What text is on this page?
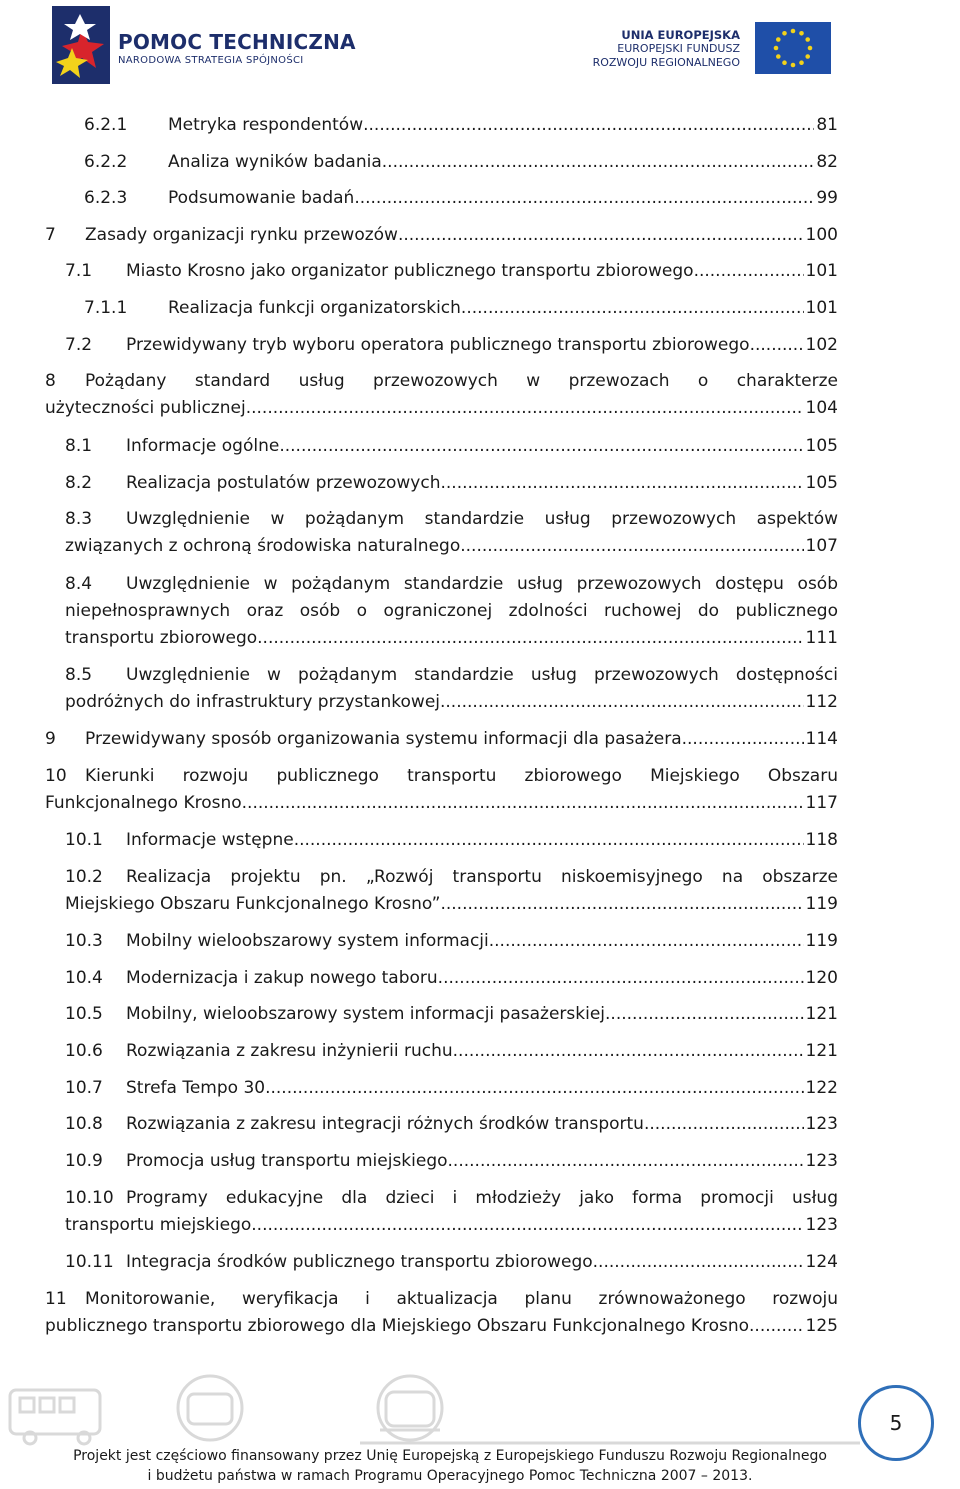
POMOC TECHNICZNA
NARODOWA STRATEGIA SPÓJNOŚCI
UNIA EUROPEJSKA
EUROPEJSKI FUNDUSZ
ROZWOJU REGIONALNEGO
6.2.1	Metryka respondentów .....	81
6.2.2	Analiza wyników badania .....	82
6.2.3	Podsumowanie badań .....	99
7	Zasady organizacji rynku przewozów .....	100
7.1	Miasto Krosno jako organizator publicznego transportu zbiorowego .....	101
7.1.1	Realizacja funkcji organizatorskich .....	101
7.2	Przewidywany tryb wyboru operatora publicznego transportu zbiorowego .....	102
8	Pożądany standard usług przewozowych w przewozach o charakterze
użyteczności publicznej .....	104
8.1	Informacje ogólne .....	105
8.2	Realizacja postulatów przewozowych .....	105
8.3	Uwzględnienie w pożądanym standardzie usług przewozowych aspektów
związanych z ochroną środowiska naturalnego .....	107
8.4	Uwzględnienie w pożądanym standardzie usług przewozowych dostępu osób
niepełnosprawnych oraz osób o ograniczonej zdolności ruchowej do publicznego
transportu zbiorowego .....	111
8.5	Uwzględnienie w pożądanym standardzie usług przewozowych dostępności
podróżnych do infrastruktury przystankowej .....	112
9	Przewidywany sposób organizowania systemu informacji dla pasażera .....	114
10	Kierunki rozwoju publicznego transportu zbiorowego Miejskiego Obszaru
Funkcjonalnego Krosno .....	117
10.1	Informacje wstępne .....	118
10.2	Realizacja projektu pn. „Rozwój transportu niskoemisyjnego na obszarze
Miejskiego Obszaru Funkcjonalnego Krosno” .....	119
10.3	Mobilny wieloobszarowy system informacji .....	119
10.4	Modernizacja i zakup nowego taboru .....	120
10.5	Mobilny, wieloobszarowy system informacji pasażerskiej .....	121
10.6	Rozwiązania z zakresu inżynierii ruchu .....	121
10.7	Strefa Tempo 30 .....	122
10.8	Rozwiązania z zakresu integracji różnych środków transportu .....	123
10.9	Promocja usług transportu miejskiego .....	123
10.10 Programy edukacyjne dla dzieci i młodzieży jako forma promocji usług
transportu miejskiego .....	123
10.11 Integracja środków publicznego transportu zbiorowego .....	124
11	Monitorowanie, weryfikacja i aktualizacja planu zrównoważonego rozwoju
publicznego transportu zbiorowego dla Miejskiego Obszaru Funkcjonalnego Krosno .....	125
5
Projekt jest częściowo finansowany przez Unię Europejską z Europejskiego Funduszu Rozwoju Regionalnego
i budżetu państwa w ramach Programu Operacyjnego Pomoc Techniczna 2007 – 2013.
